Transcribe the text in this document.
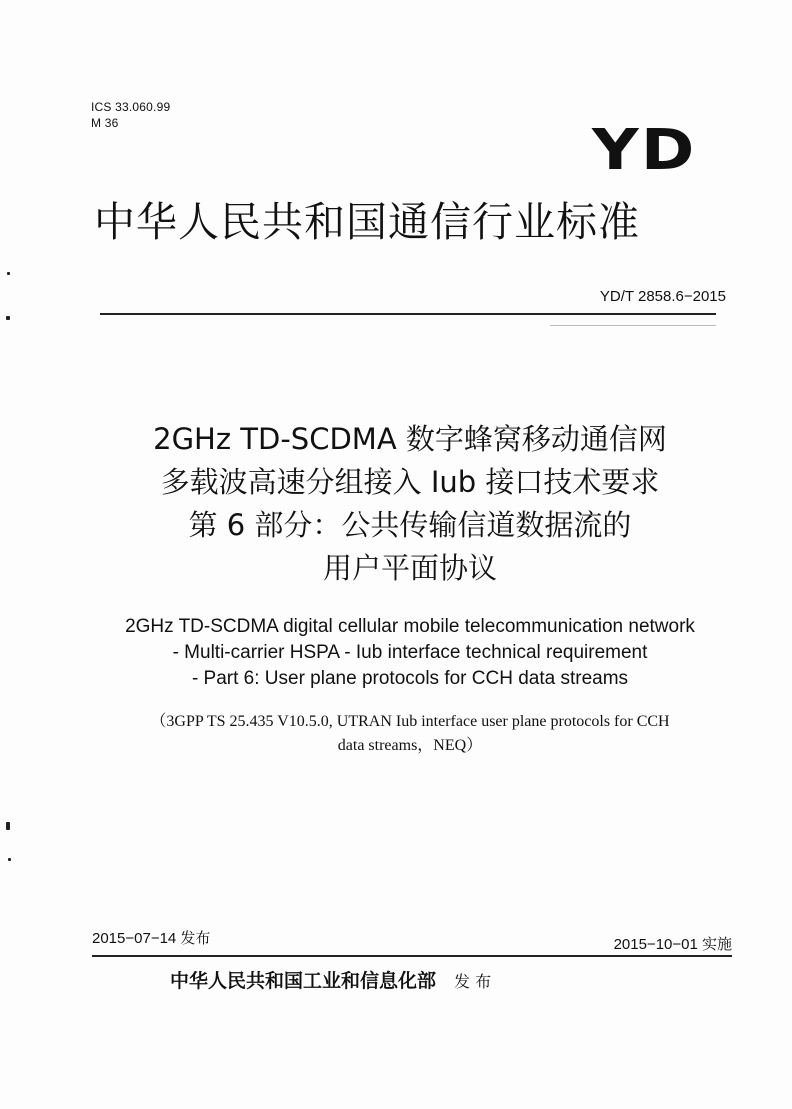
ICS 33.060.99
M 36	YD
中华人民共和国通信行业标准
YD/T 2858.6−2015
2GHz TD-SCDMA 数字蜂窝移动通信网
多载波高速分组接入 Iub 接口技术要求
第 6 部分：公共传输信道数据流的
用户平面协议
2GHz TD-SCDMA digital cellular mobile telecommunication network
- Multi-carrier HSPA - Iub interface technical requirement
- Part 6: User plane protocols for CCH data streams
（3GPP TS 25.435 V10.5.0, UTRAN Iub interface user plane protocols for CCH
data streams，NEQ）
2015−07−14 发布	2015−10−01 实施
中华人民共和国工业和信息化部 发 布
